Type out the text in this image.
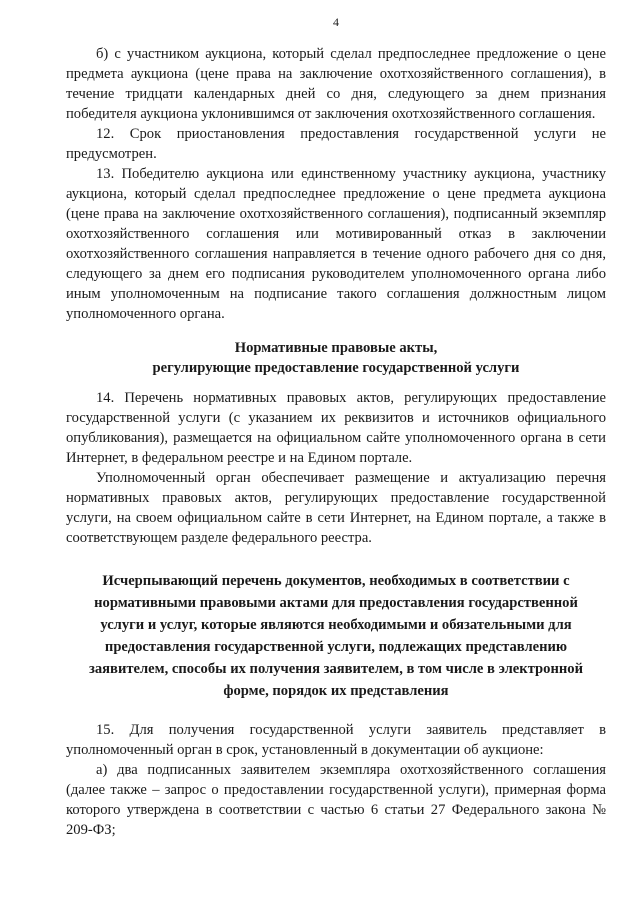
4

б) с участником аукциона, который сделал предпоследнее предложение о цене предмета аукциона (цене права на заключение охотхозяйственного соглашения), в течение тридцати календарных дней со дня, следующего за днем признания победителя аукциона уклонившимся от заключения охотхозяйственного соглашения.

12. Срок приостановления предоставления государственной услуги не предусмотрен.

13. Победителю аукциона или единственному участнику аукциона, участнику аукциона, который сделал предпоследнее предложение о цене предмета аукциона (цене права на заключение охотхозяйственного соглашения), подписанный экземпляр охотхозяйственного соглашения или мотивированный отказ в заключении охотхозяйственного соглашения направляется в течение одного рабочего дня со дня, следующего за днем его подписания руководителем уполномоченного органа либо иным уполномоченным на подписание такого соглашения должностным лицом уполномоченного органа.

Нормативные правовые акты,
регулирующие предоставление государственной услуги

14. Перечень нормативных правовых актов, регулирующих предоставление государственной услуги (с указанием их реквизитов и источников официального опубликования), размещается на официальном сайте уполномоченного органа в сети Интернет, в федеральном реестре и на Едином портале.

Уполномоченный орган обеспечивает размещение и актуализацию перечня нормативных правовых актов, регулирующих предоставление государственной услуги, на своем официальном сайте в сети Интернет, на Едином портале, а также в соответствующем разделе федерального реестра.

Исчерпывающий перечень документов, необходимых в соответствии с
нормативными правовыми актами для предоставления государственной
услуги и услуг, которые являются необходимыми и обязательными для
предоставления государственной услуги, подлежащих представлению
заявителем, способы их получения заявителем, в том числе в электронной
форме, порядок их представления

15. Для получения государственной услуги заявитель представляет в уполномоченный орган в срок, установленный в документации об аукционе:

а) два подписанных заявителем экземпляра охотхозяйственного соглашения (далее также – запрос о предоставлении государственной услуги), примерная форма которого утверждена в соответствии с частью 6 статьи 27 Федерального закона № 209-ФЗ;
